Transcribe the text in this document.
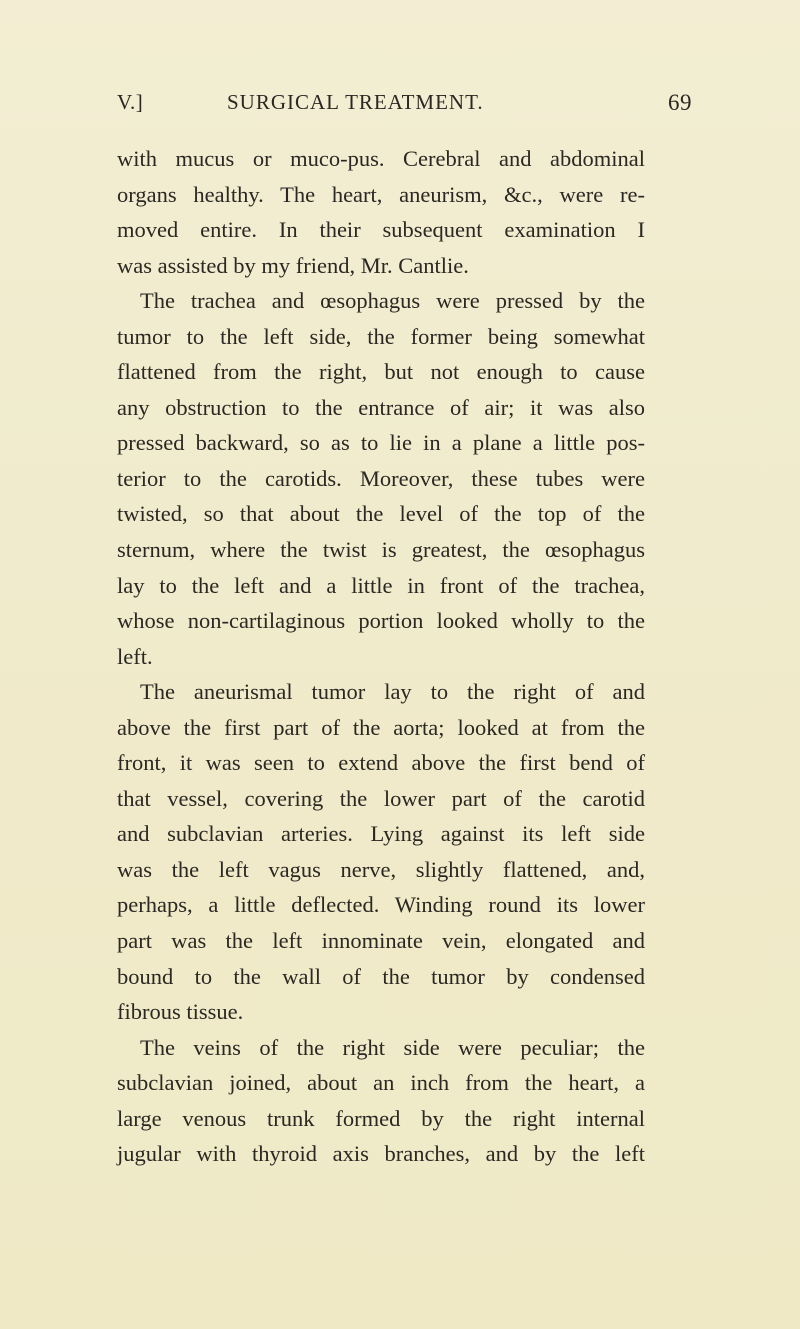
V.]	SURGICAL TREATMENT.	69
with mucus or muco-pus. Cerebral and abdominal
organs healthy. The heart, aneurism, &c., were re-
moved entire. In their subsequent examination I
was assisted by my friend, Mr. Cantlie.
The trachea and œsophagus were pressed by the
tumor to the left side, the former being somewhat
flattened from the right, but not enough to cause
any obstruction to the entrance of air; it was also
pressed backward, so as to lie in a plane a little pos-
terior to the carotids. Moreover, these tubes were
twisted, so that about the level of the top of the
sternum, where the twist is greatest, the œsophagus
lay to the left and a little in front of the trachea,
whose non-cartilaginous portion looked wholly to the
left.
The aneurismal tumor lay to the right of and
above the first part of the aorta; looked at from the
front, it was seen to extend above the first bend of
that vessel, covering the lower part of the carotid
and subclavian arteries. Lying against its left side
was the left vagus nerve, slightly flattened, and,
perhaps, a little deflected. Winding round its lower
part was the left innominate vein, elongated and
bound to the wall of the tumor by condensed
fibrous tissue.
The veins of the right side were peculiar; the
subclavian joined, about an inch from the heart, a
large venous trunk formed by the right internal
jugular with thyroid axis branches, and by the left
